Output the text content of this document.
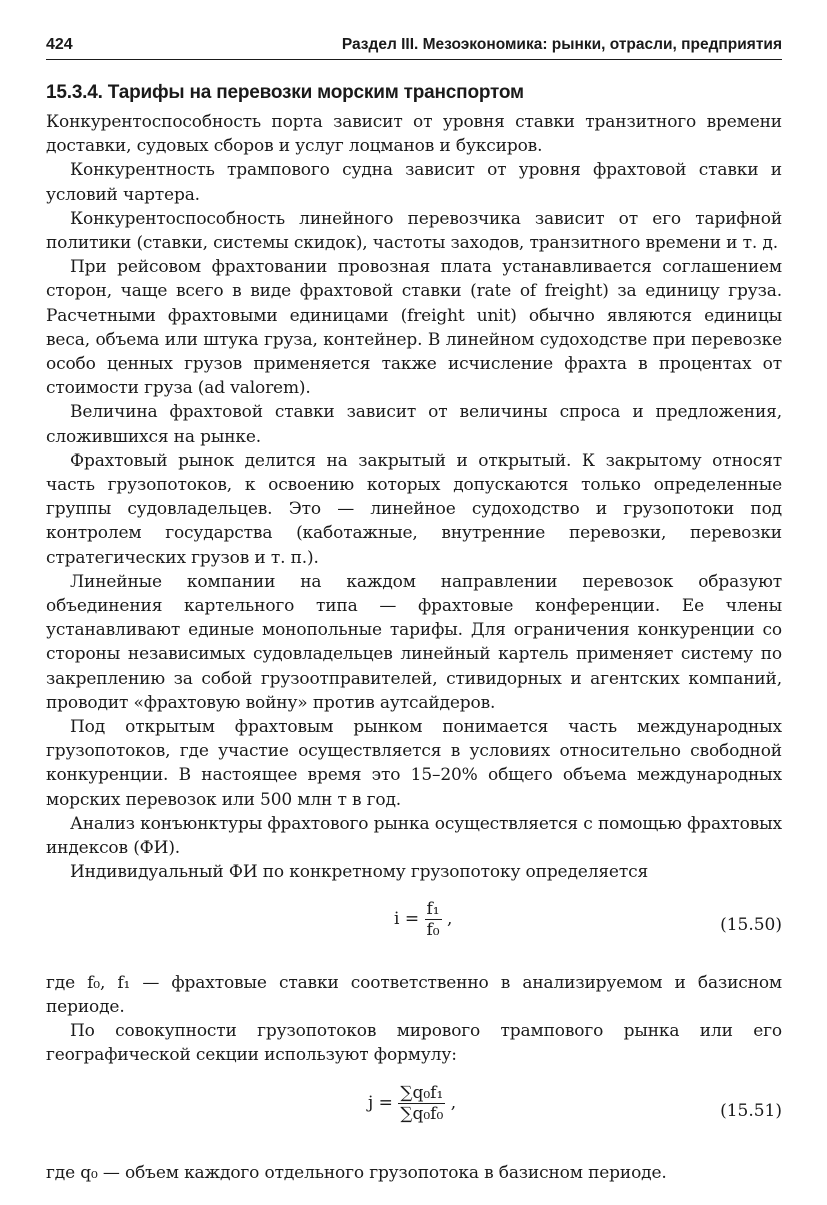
424	Раздел III. Мезоэкономика: рынки, отрасли, предприятия
15.3.4. Тарифы на перевозки морским транспортом

Конкурентоспособность порта зависит от уровня ставки транзитного времени доставки, судовых сборов и услуг лоцманов и буксиров.

Конкурентность трампового судна зависит от уровня фрахтовой ставки и условий чартера.

Конкурентоспособность линейного перевозчика зависит от его тарифной политики (ставки, системы скидок), частоты заходов, транзитного времени и т. д.

При рейсовом фрахтовании провозная плата устанавливается соглашением сторон, чаще всего в виде фрахтовой ставки (rate of freight) за единицу груза. Расчетными фрахтовыми единицами (freight unit) обычно являются единицы веса, объема или штука груза, контейнер. В линейном судоходстве при перевозке особо ценных грузов применяется также исчисление фрахта в процентах от стоимости груза (ad valorem).

Величина фрахтовой ставки зависит от величины спроса и предложения, сложившихся на рынке.

Фрахтовый рынок делится на закрытый и открытый. К закрытому относят часть грузопотоков, к освоению которых допускаются только определенные группы судовладельцев. Это — линейное судоходство и грузопотоки под контролем государства (каботажные, внутренние перевозки, перевозки стратегических грузов и т. п.).

Линейные компании на каждом направлении перевозок образуют объединения картельного типа — фрахтовые конференции. Ее члены устанавливают единые монопольные тарифы. Для ограничения конкуренции со стороны независимых судовладельцев линейный картель применяет систему по закреплению за собой грузоотправителей, стивидорных и агентских компаний, проводит «фрахтовую войну» против аутсайдеров.

Под открытым фрахтовым рынком понимается часть международных грузопотоков, где участие осуществляется в условиях относительно свободной конкуренции. В настоящее время это 15–20% общего объема международных морских перевозок или 500 млн т в год.

Анализ конъюнктуры фрахтового рынка осуществляется с помощью фрахтовых индексов (ФИ).

Индивидуальный ФИ по конкретному грузопотоку определяется

$i = \frac{\text{f₁}}{\text{f₀}}$ ,	(15.50)

где f₀, f₁ — фрахтовые ставки соответственно в анализируемом и базисном периоде.

По совокупности грузопотоков мирового трампового рынка или его географической секции используют формулу:

$j = \frac{\text{∑q₀f₁}}{\text{∑q₀f₀}}$ ,	(15.51)

где q₀ — объем каждого отдельного грузопотока в базисном периоде.
